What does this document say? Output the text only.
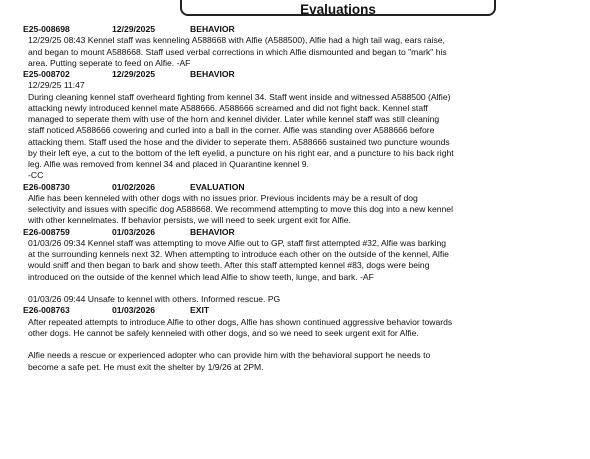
Evaluations
E25-008698	12/29/2025	BEHAVIOR
12/29/25 08:43 Kennel staff was kenneling A588668 with Alfie (A588500), Alfie had a high tail wag, ears raise,
and began to mount A588668. Staff used verbal corrections in which Alfie dismounted and began to "mark" his
area. Putting seperate to feed on Alfie. -AF
E25-008702	12/29/2025	BEHAVIOR
12/29/25 11:47
During cleaning kennel staff overheard fighting from kennel 34. Staff went inside and witnessed A588500 (Alfie)
attacking newly introduced kennel mate A588666. A588666 screamed and did not fight back. Kennel staff
managed to seperate them with use of the horn and kennel divider. Later while kennel staff was still cleaning
staff noticed A588666 cowering and curled into a ball in the corner. Alfie was standing over A588666 before
attacking them. Staff used the hose and the divider to seperate them. A588666 sustained two puncture wounds
by their left eye, a cut to the bottom of the left eyelid, a puncture on his right ear, and a puncture to his back right
leg. Alfie was removed from kennel 34 and placed in Quarantine kennel 9.
-CC
E26-008730	01/02/2026	EVALUATION
Alfie has been kenneled with other dogs with no issues prior. Previous incidents may be a result of dog
selectivity and issues with specific dog A588668. We recommend attempting to move this dog into a new kennel
with other kennelmates. If behavior persists, we will need to seek urgent exit for Alfie.
E26-008759	01/03/2026	BEHAVIOR
01/03/26 09:34 Kennel staff was attempting to move Alfie out to GP, staff first attempted #32, Alfie was barking
at the surrounding kennels next 32. When attempting to introduce each other on the outside of the kennel, Alfie
would sniff and then began to bark and show teeth. After this staff attempted kennel #83, dogs were being
introduced on the outside of the kennel which lead Alfie to show teeth, lunge, and bark. -AF
01/03/26 09:44 Unsafe to kennel with others. Informed rescue. PG
E26-008763	01/03/2026	EXIT
After repeated attempts to introduce Alfie to other dogs, Alfie has shown continued aggressive behavior towards
other dogs. He cannot be safely kenneled with other dogs, and so we need to seek urgent exit for Alfie.
Alfie needs a rescue or experienced adopter who can provide him with the behavioral support he needs to
become a safe pet. He must exit the shelter by 1/9/26 at 2PM.
